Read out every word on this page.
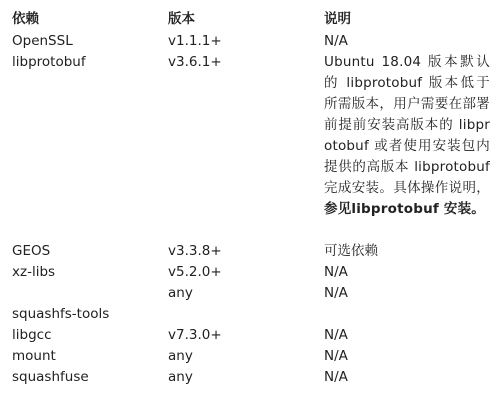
依赖	版本	说明
OpenSSL	v1.1.1+	N/A
libprotobuf	v3.6.1+	Ubuntu 18.04 版本默认的 libprotobuf 版本低于所需版本，用户需要在部署前提前安装高版本的 libprotobuf 或者使用安装包内提供的高版本 libprotobuf 完成安装。具体操作说明，参见libprotobuf 安装。

GEOS	v3.3.8+	可选依赖
xz-libs	v5.2.0+	N/A
	any	N/A
squashfs-tools		
libgcc	v7.3.0+	N/A
mount	any	N/A
squashfuse	any	N/A
